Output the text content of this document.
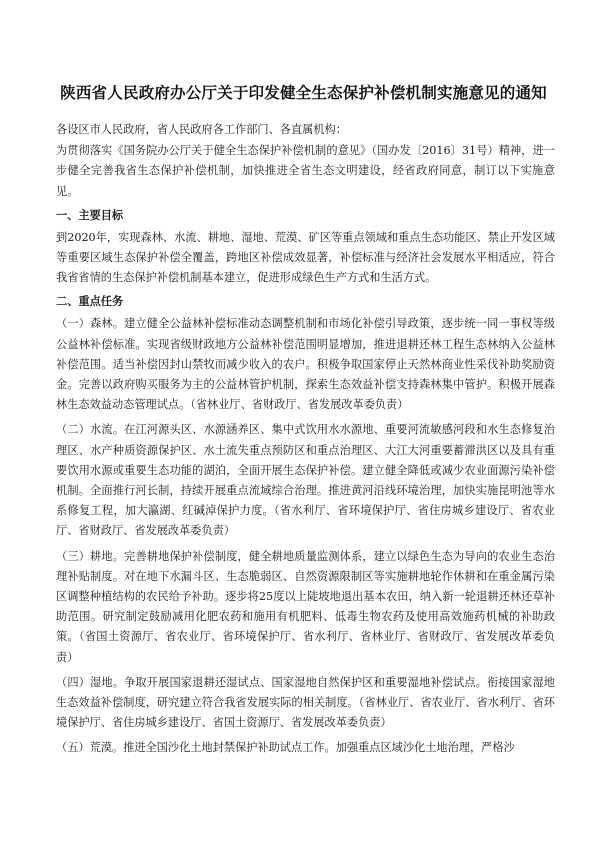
陕西省人民政府办公厅关于印发健全生态保护补偿机制实施意见的通知

各设区市人民政府，省人民政府各工作部门、各直属机构：

为贯彻落实《国务院办公厅关于健全生态保护补偿机制的意见》（国办发〔2016〕31号）精神，进一步健全完善我省生态保护补偿机制，加快推进全省生态文明建设，经省政府同意，制订以下实施意见。

一、主要目标

到2020年，实现森林、水流、耕地、湿地、荒漠、矿区等重点领域和重点生态功能区、禁止开发区域等重要区域生态保护补偿全覆盖，跨地区补偿成效显著，补偿标准与经济社会发展水平相适应，符合我省省情的生态保护补偿机制基本建立，促进形成绿色生产方式和生活方式。

二、重点任务

（一）森林。建立健全公益林补偿标准动态调整机制和市场化补偿引导政策，逐步统一同一事权等级公益林补偿标准。实现省级财政地方公益林补偿范围明显增加，推进退耕还林工程生态林纳入公益林补偿范围。适当补偿因封山禁牧而减少收入的农户。积极争取国家停止天然林商业性采伐补助奖励资金。完善以政府购买服务为主的公益林管护机制，探索生态效益补偿支持森林集中管护。积极开展森林生态效益动态管理试点。（省林业厅、省财政厅、省发展改革委负责）

（二）水流。在江河源头区、水源涵养区、集中式饮用水水源地、重要河流敏感河段和水生态修复治理区、水产种质资源保护区、水土流失重点预防区和重点治理区、大江大河重要蓄滞洪区以及具有重要饮用水源或重要生态功能的湖泊，全面开展生态保护补偿。建立健全降低或减少农业面源污染补偿机制。全面推行河长制，持续开展重点流域综合治理。推进黄河沿线环境治理，加快实施昆明池等水系修复工程，加大瀛湖、红碱淖保护力度。（省水利厅、省环境保护厅、省住房城乡建设厅、省农业厅、省财政厅、省发展改革委负责）

（三）耕地。完善耕地保护补偿制度，健全耕地质量监测体系，建立以绿色生态为导向的农业生态治理补贴制度。对在地下水漏斗区、生态脆弱区、自然资源限制区等实施耕地轮作休耕和在重金属污染区调整种植结构的农民给予补助。逐步将25度以上陡坡地退出基本农田，纳入新一轮退耕还林还草补助范围。研究制定鼓励减用化肥农药和施用有机肥料、低毒生物农药及使用高效施药机械的补助政策。（省国土资源厅、省农业厅、省环境保护厅、省水利厅、省林业厅、省财政厅、省发展改革委负责）

（四）湿地。争取开展国家退耕还湿试点、国家湿地自然保护区和重要湿地补偿试点。衔接国家湿地生态效益补偿制度，研究建立符合我省发展实际的相关制度。（省林业厅、省农业厅、省水利厅、省环境保护厅、省住房城乡建设厅、省国土资源厅、省发展改革委负责）

（五）荒漠。推进全国沙化土地封禁保护补助试点工作。加强重点区域沙化土地治理，严格沙
